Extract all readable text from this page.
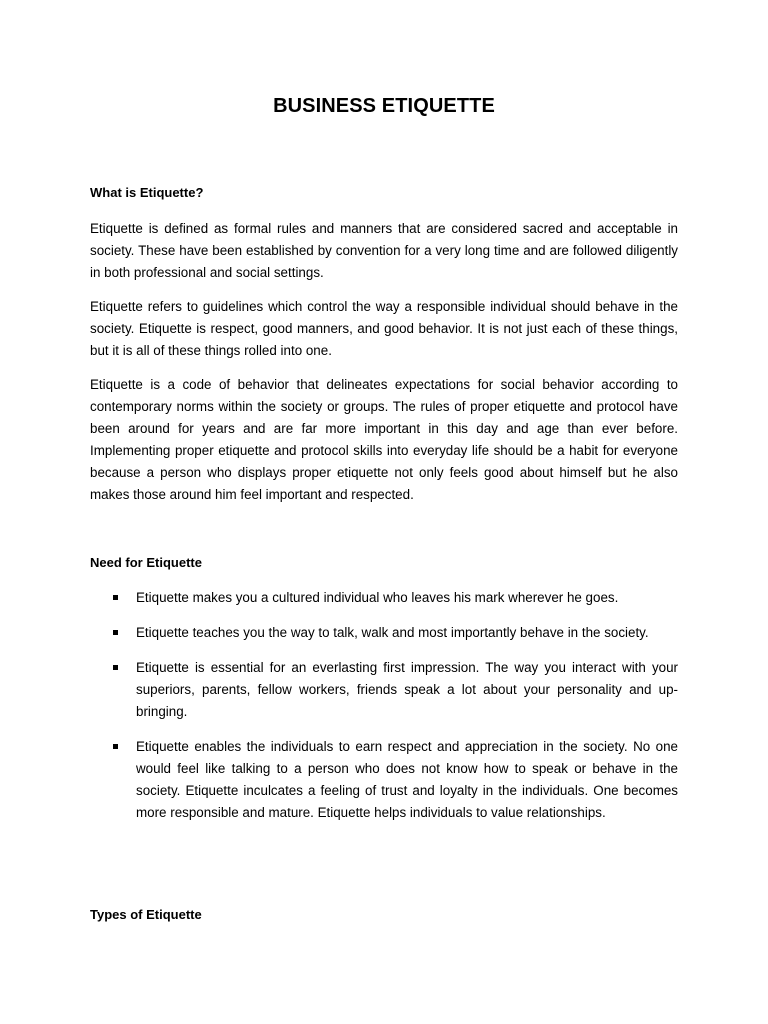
BUSINESS ETIQUETTE
What is Etiquette?

Etiquette is defined as formal rules and manners that are considered sacred and acceptable in society. These have been established by convention for a very long time and are followed diligently in both professional and social settings.

Etiquette refers to guidelines which control the way a responsible individual should behave in the society. Etiquette is respect, good manners, and good behavior. It is not just each of these things, but it is all of these things rolled into one.

Etiquette is a code of behavior that delineates expectations for social behavior according to contemporary norms within the society or groups. The rules of proper etiquette and protocol have been around for years and are far more important in this day and age than ever before. Implementing proper etiquette and protocol skills into everyday life should be a habit for everyone because a person who displays proper etiquette not only feels good about himself but he also makes those around him feel important and respected.

Need for Etiquette
Etiquette makes you a cultured individual who leaves his mark wherever he goes.
Etiquette teaches you the way to talk, walk and most importantly behave in the society.
Etiquette is essential for an everlasting first impression. The way you interact with your superiors, parents, fellow workers, friends speak a lot about your personality and up-bringing.
Etiquette enables the individuals to earn respect and appreciation in the society. No one would feel like talking to a person who does not know how to speak or behave in the society. Etiquette inculcates a feeling of trust and loyalty in the individuals. One becomes more responsible and mature. Etiquette helps individuals to value relationships.
Types of Etiquette
